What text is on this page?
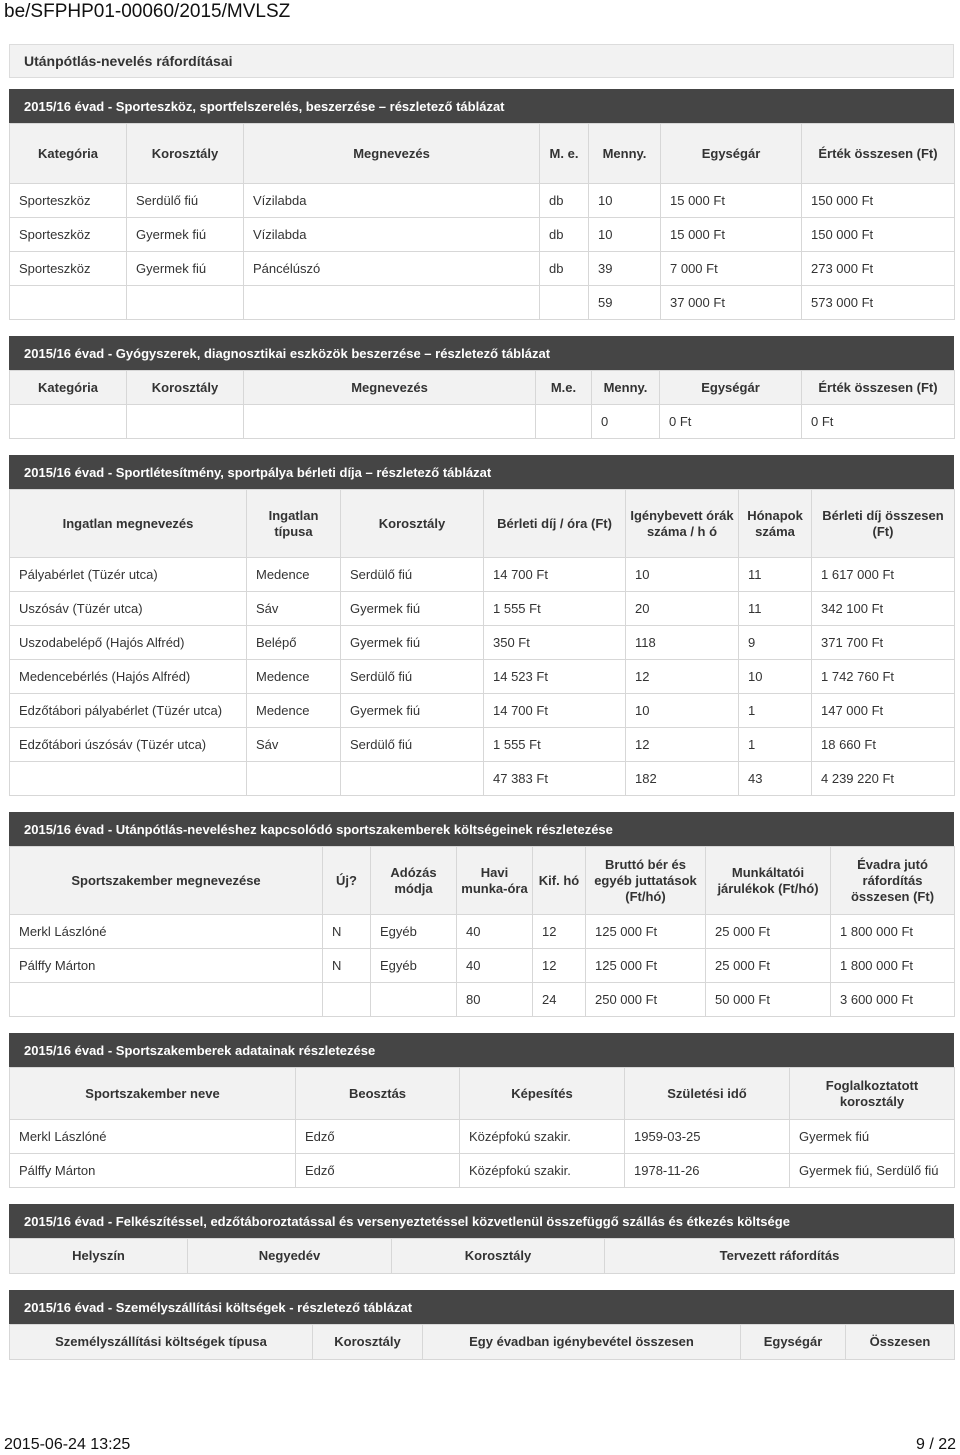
be/SFPHP01-00060/2015/MVLSZ
Utánpótlás-nevelés ráfordításai
2015/16 évad - Sporteszköz, sportfelszerelés, beszerzése – részletező táblázat
Kategória	Korosztály	Megnevezés	M. e.	Menny.	Egységár	Érték összesen (Ft)
Sporteszköz	Serdülő fiú	Vízilabda	db	10	15 000 Ft	150 000 Ft
Sporteszköz	Gyermek fiú	Vízilabda	db	10	15 000 Ft	150 000 Ft
Sporteszköz	Gyermek fiú	Páncélúszó	db	39	7 000 Ft	273 000 Ft
				59	37 000 Ft	573 000 Ft
2015/16 évad - Gyógyszerek, diagnosztikai eszközök beszerzése – részletező táblázat
Kategória	Korosztály	Megnevezés	M.e.	Menny.	Egységár	Érték összesen (Ft)
				0	0 Ft	0 Ft
2015/16 évad - Sportlétesítmény, sportpálya bérleti díja – részletező táblázat
Ingatlan megnevezés	Ingatlan típusa	Korosztály	Bérleti díj / óra (Ft)	Igénybevett órák száma / h ó	Hónapok száma	Bérleti díj összesen (Ft)
Pályabérlet (Tüzér utca)	Medence	Serdülő fiú	14 700 Ft	10	11	1 617 000 Ft
Uszósáv (Tüzér utca)	Sáv	Gyermek fiú	1 555 Ft	20	11	342 100 Ft
Uszodabelépő (Hajós Alfréd)	Belépő	Gyermek fiú	350 Ft	118	9	371 700 Ft
Medencebérlés (Hajós Alfréd)	Medence	Serdülő fiú	14 523 Ft	12	10	1 742 760 Ft
Edzőtábori pályabérlet (Tüzér utca)	Medence	Gyermek fiú	14 700 Ft	10	1	147 000 Ft
Edzőtábori úszósáv (Tüzér utca)	Sáv	Serdülő fiú	1 555 Ft	12	1	18 660 Ft
			47 383 Ft	182	43	4 239 220 Ft
2015/16 évad - Utánpótlás-neveléshez kapcsolódó sportszakemberek költségeinek részletezése
Sportszakember megnevezése	Új?	Adózás módja	Havi munka-óra	Kif. hó	Bruttó bér és egyéb juttatások (Ft/hó)	Munkáltatói járulékok (Ft/hó)	Évadra jutó ráfordítás összesen (Ft)
Merkl Lászlóné	N	Egyéb	40	12	125 000 Ft	25 000 Ft	1 800 000 Ft
Pálffy Márton	N	Egyéb	40	12	125 000 Ft	25 000 Ft	1 800 000 Ft
			80	24	250 000 Ft	50 000 Ft	3 600 000 Ft
2015/16 évad - Sportszakemberek adatainak részletezése
Sportszakember neve	Beosztás	Képesítés	Születési idő	Foglalkoztatott korosztály
Merkl Lászlóné	Edző	Középfokú szakir.	1959-03-25	Gyermek fiú
Pálffy Márton	Edző	Középfokú szakir.	1978-11-26	Gyermek fiú, Serdülő fiú
2015/16 évad - Felkészítéssel, edzőtáboroztatással és versenyeztetéssel közvetlenül összefüggő szállás és étkezés költsége
Helyszín	Negyedév	Korosztály	Tervezett ráfordítás
2015/16 évad - Személyszállítási költségek - részletező táblázat
Személyszállítási költségek típusa	Korosztály	Egy évadban igénybevétel összesen	Egységár	Összesen
2015-06-24 13:25	9 / 22
